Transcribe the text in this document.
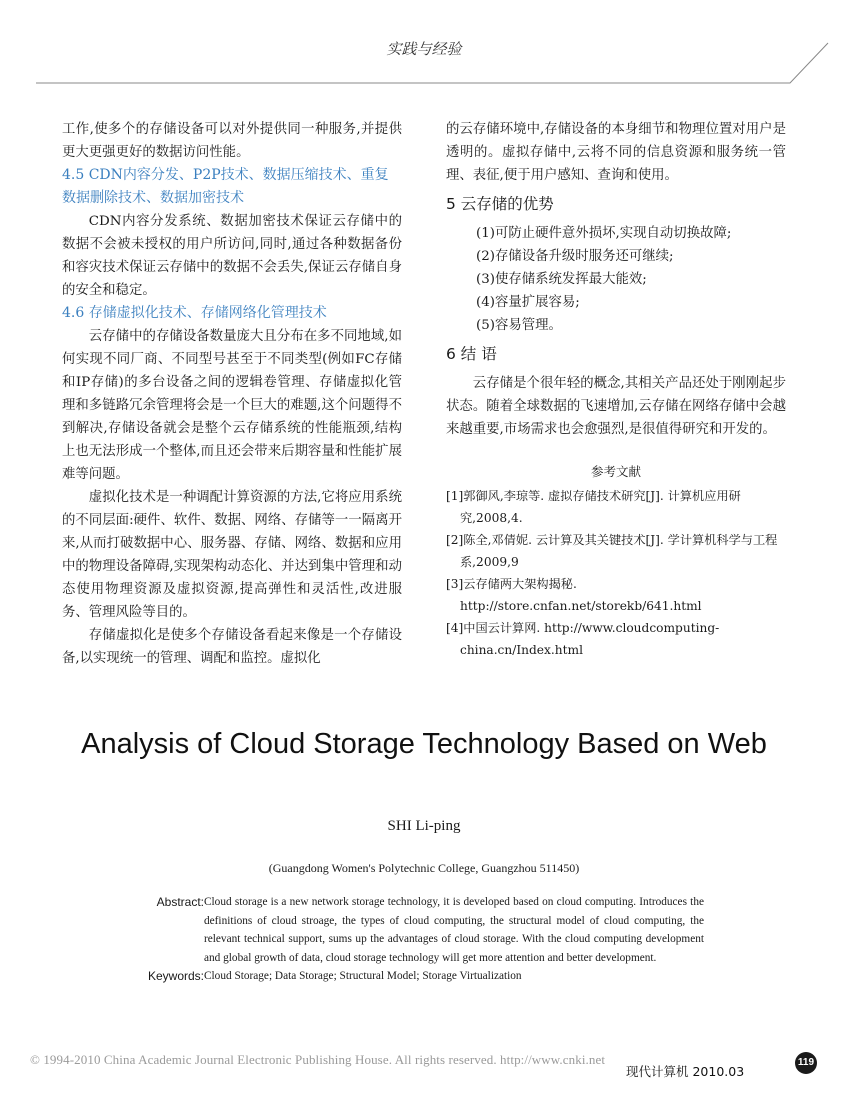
实践与经验

工作,使多个的存储设备可以对外提供同一种服务,并提供更大更强更好的数据访问性能。

4.5 CDN内容分发、P2P技术、数据压缩技术、重复数据删除技术、数据加密技术

CDN内容分发系统、数据加密技术保证云存储中的数据不会被未授权的用户所访问,同时,通过各种数据备份和容灾技术保证云存储中的数据不会丢失,保证云存储自身的安全和稳定。

4.6 存储虚拟化技术、存储网络化管理技术

云存储中的存储设备数量庞大且分布在多不同地域,如何实现不同厂商、不同型号甚至于不同类型(例如FC存储和IP存储)的多台设备之间的逻辑卷管理、存储虚拟化管理和多链路冗余管理将会是一个巨大的难题,这个问题得不到解决,存储设备就会是整个云存储系统的性能瓶颈,结构上也无法形成一个整体,而且还会带来后期容量和性能扩展难等问题。

虚拟化技术是一种调配计算资源的方法,它将应用系统的不同层面:硬件、软件、数据、网络、存储等一一隔离开来,从而打破数据中心、服务器、存储、网络、数据和应用中的物理设备障碍,实现架构动态化、并达到集中管理和动态使用物理资源及虚拟资源,提高弹性和灵活性,改进服务、管理风险等目的。

存储虚拟化是使多个存储设备看起来像是一个存储设备,以实现统一的管理、调配和监控。虚拟化

的云存储环境中,存储设备的本身细节和物理位置对用户是透明的。虚拟存储中,云将不同的信息资源和服务统一管理、表征,便于用户感知、查询和使用。

5 云存储的优势
(1)可防止硬件意外损坏,实现自动切换故障;
(2)存储设备升级时服务还可继续;
(3)使存储系统发挥最大能效;
(4)容量扩展容易;
(5)容易管理。
6 结 语

云存储是个很年轻的概念,其相关产品还处于刚刚起步状态。随着全球数据的飞速增加,云存储在网络存储中会越来越重要,市场需求也会愈强烈,是很值得研究和开发的。

参考文献
[1]郭御风,李琼等. 虚拟存储技术研究[J]. 计算机应用研究,2008,4.
[2]陈全,邓倩妮. 云计算及其关键技术[J]. 学计算机科学与工程系,2009,9
[3]云存储两大架构揭秘. http://store.cnfan.net/storekb/641.html
[4]中国云计算网. http://www.cloudcomputing-china.cn/Index.html
Analysis of Cloud Storage Technology Based on Web
SHI Li-ping
(Guangdong Women's Polytechnic College, Guangzhou 511450)
Abstract: Cloud storage is a new network storage technology, it is developed based on cloud computing. Introduces the definitions of cloud stroage, the types of cloud computing, the structural model of cloud computing, the relevant technical support, sums up the advantages of cloud storage. With the cloud computing development and global growth of data, cloud storage technology will get more attention and better development.
Keywords: Cloud Storage; Data Storage; Structural Model; Storage Virtualization
© 1994-2010 China Academic Journal Electronic Publishing House. All rights reserved. http://www.cnki.net
现代计算机 2010.03
119
